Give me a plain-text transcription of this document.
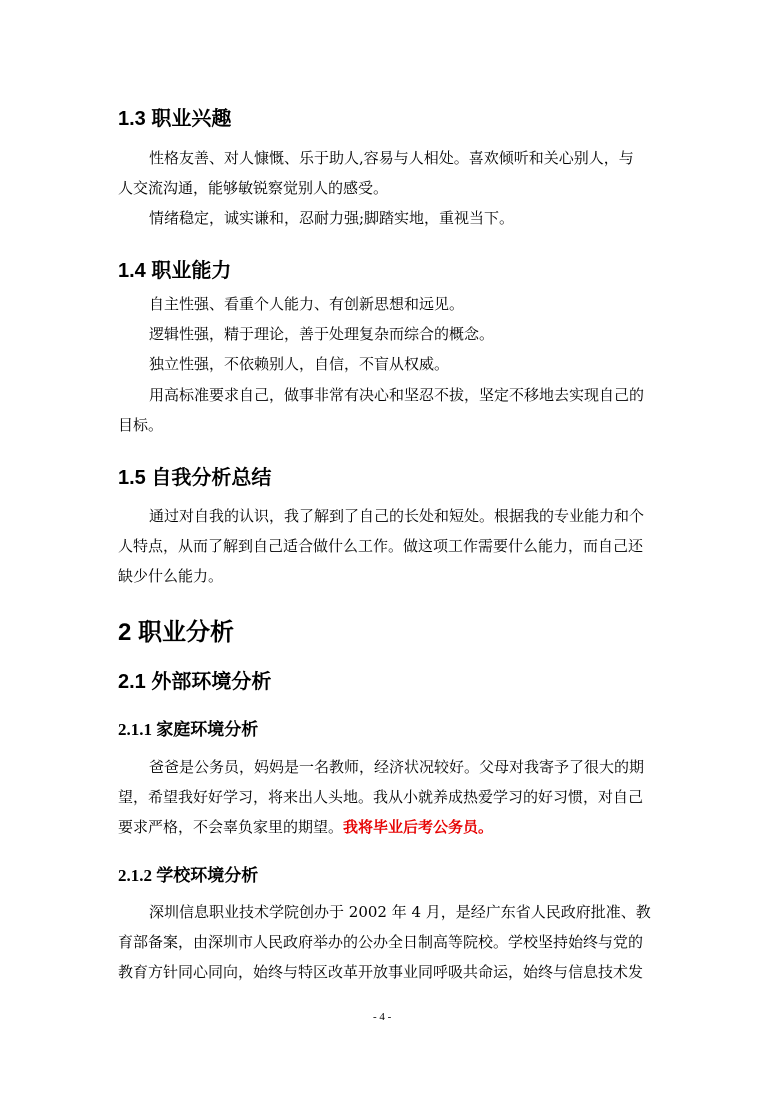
1.3 职业兴趣
性格友善、对人慷慨、乐于助人,容易与人相处。喜欢倾听和关心别人，与
人交流沟通，能够敏锐察觉别人的感受。
情绪稳定，诚实谦和，忍耐力强;脚踏实地，重视当下。
1.4 职业能力
自主性强、看重个人能力、有创新思想和远见。
逻辑性强，精于理论，善于处理复杂而综合的概念。
独立性强，不依赖别人，自信，不盲从权威。
用高标准要求自己，做事非常有决心和坚忍不拔，坚定不移地去实现自己的
目标。
1.5 自我分析总结
通过对自我的认识，我了解到了自己的长处和短处。根据我的专业能力和个
人特点，从而了解到自己适合做什么工作。做这项工作需要什么能力，而自己还
缺少什么能力。
2 职业分析
2.1 外部环境分析
2.1.1 家庭环境分析
爸爸是公务员，妈妈是一名教师，经济状况较好。父母对我寄予了很大的期
望，希望我好好学习，将来出人头地。我从小就养成热爱学习的好习惯，对自己
要求严格，不会辜负家里的期望。我将毕业后考公务员。
2.1.2 学校环境分析
深圳信息职业技术学院创办于 2002 年 4 月，是经广东省人民政府批准、教
育部备案，由深圳市人民政府举办的公办全日制高等院校。学校坚持始终与党的
教育方针同心同向，始终与特区改革开放事业同呼吸共命运，始终与信息技术发
- 4 -
